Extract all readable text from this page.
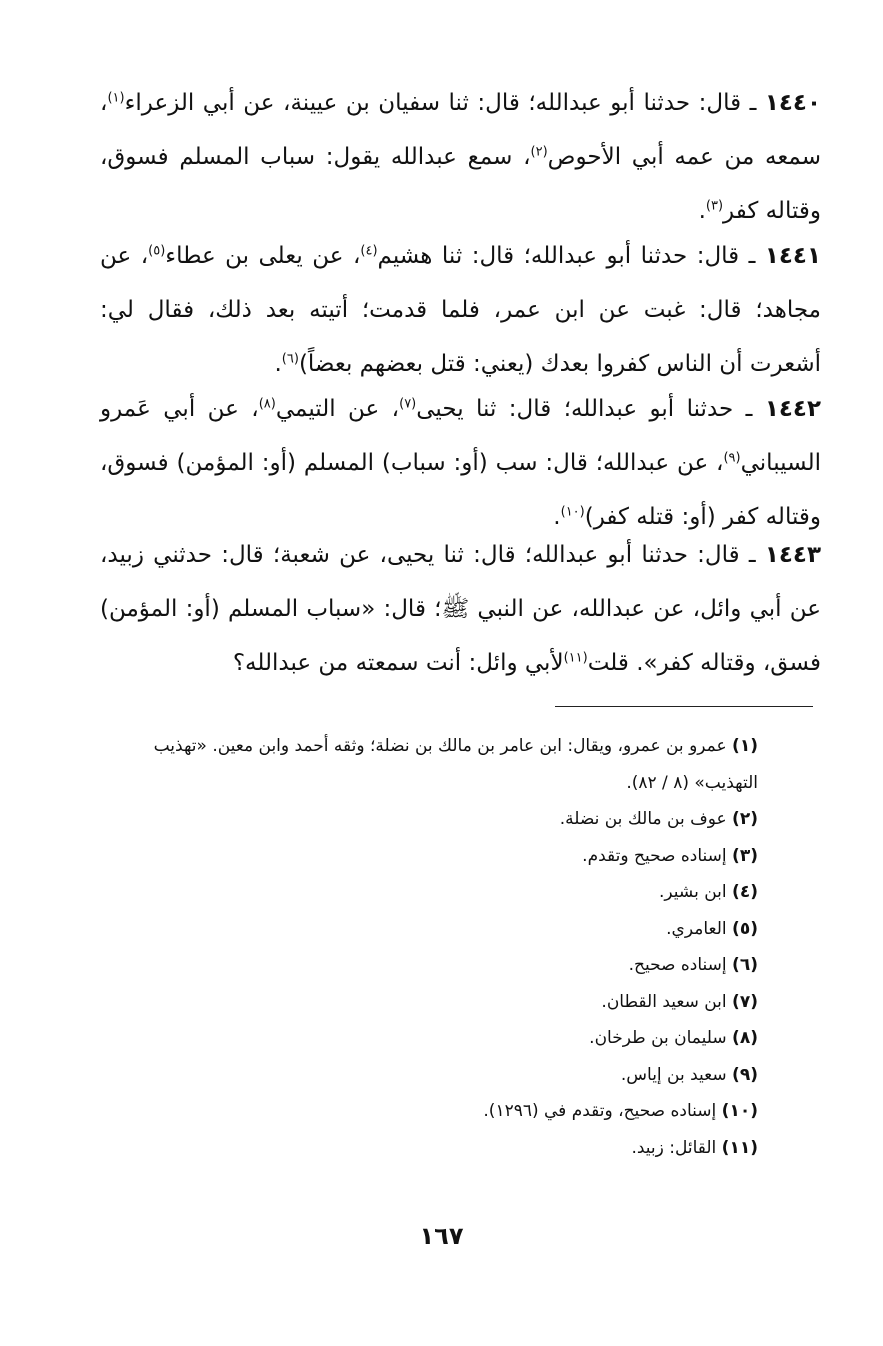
١٤٤٠ ـ قال: حدثنا أبو عبدالله؛ قال: ثنا سفيان بن عيينة، عن أبي الزعراء$^{(١)}$، سمعه من عمه أبي الأحوص$^{(٢)}$، سمع عبدالله يقول: سباب المسلم فسوق، وقتاله كفر$^{(٣)}$.

١٤٤١ ـ قال: حدثنا أبو عبدالله؛ قال: ثنا هشيم$^{(٤)}$، عن يعلى بن عطاء$^{(٥)}$، عن مجاهد؛ قال: غبت عن ابن عمر، فلما قدمت؛ أتيته بعد ذلك، فقال لي: أشعرت أن الناس كفروا بعدك (يعني: قتل بعضهم بعضاً)$^{(٦)}$.

١٤٤٢ ـ حدثنا أبو عبدالله؛ قال: ثنا يحيى$^{(٧)}$، عن التيمي$^{(٨)}$، عن أبي عَمرو السيباني$^{(٩)}$، عن عبدالله؛ قال: سب (أو: سباب) المسلم (أو: المؤمن) فسوق، وقتاله كفر (أو: قتله كفر)$^{(١٠)}$.

١٤٤٣ ـ قال: حدثنا أبو عبدالله؛ قال: ثنا يحيى، عن شعبة؛ قال: حدثني زبيد، عن أبي وائل، عن عبدالله، عن النبي ﷺ؛ قال: «سباب المسلم (أو: المؤمن) فسق، وقتاله كفر». قلت$^{(١١)}$لأبي وائل: أنت سمعته من عبدالله؟

(١) عمرو بن عمرو، ويقال: ابن عامر بن مالك بن نضلة؛ وثقه أحمد وابن معين. «تهذيب التهذيب» (٨ / ٨٢).

(٢) عوف بن مالك بن نضلة.

(٣) إسناده صحيح وتقدم.

(٤) ابن بشير.

(٥) العامري.

(٦) إسناده صحيح.

(٧) ابن سعيد القطان.

(٨) سليمان بن طرخان.

(٩) سعيد بن إياس.

(١٠) إسناده صحيح، وتقدم في (١٢٩٦).

(١١) القائل: زبيد.

١٦٧
